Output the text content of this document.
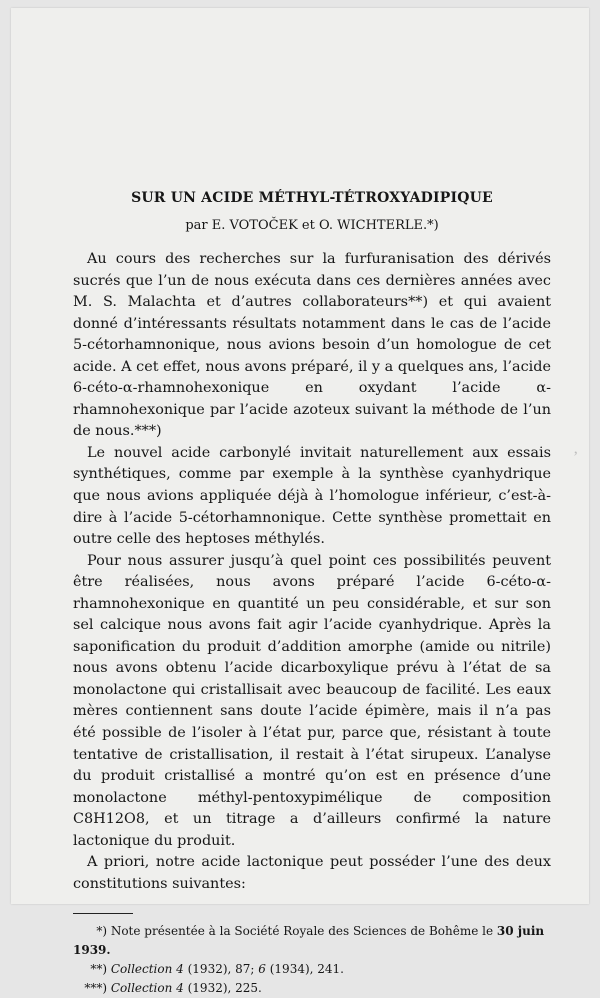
SUR UN ACIDE MÉTHYL-TÉTROXYADIPIQUE
par E. VOTOČEK et O. WICHTERLE.*)

Au cours des recherches sur la furfuranisation des dérivés sucrés que l’un de nous exécuta dans ces dernières années avec M. S. Malachta et d’autres collaborateurs**) et qui avaient donné d’intéressants résultats notamment dans le cas de l’acide 5-cétorhamnonique, nous avions besoin d’un homologue de cet acide. A cet effet, nous avons préparé, il y a quelques ans, l’acide 6-céto-α-rhamnohexonique en oxydant l’acide α-rhamnohexonique par l’acide azoteux suivant la méthode de l’un de nous.***)

Le nouvel acide carbonylé invitait naturellement aux essais synthétiques, comme par exemple à la synthèse cyanhydrique que nous avions appliquée déjà à l’homologue inférieur, c’est-à-dire à l’acide 5-cétorhamnonique. Cette synthèse promettait en outre celle des heptoses méthylés.

Pour nous assurer jusqu’à quel point ces possibilités peuvent être réalisées, nous avons préparé l’acide 6-céto-α-rhamnohexonique en quantité un peu considérable, et sur son sel calcique nous avons fait agir l’acide cyanhydrique. Après la saponification du produit d’addition amorphe (amide ou nitrile) nous avons obtenu l’acide dicarboxylique prévu à l’état de sa monolactone qui cristallisait avec beaucoup de facilité. Les eaux mères contiennent sans doute l’acide épimère, mais il n’a pas été possible de l’isoler à l’état pur, parce que, résistant à toute tentative de cristallisation, il restait à l’état sirupeux. L’analyse du produit cristallisé a montré qu’on est en présence d’une monolactone méthyl-pentoxypimélique de composition C8H12O8, et un titrage a d’ailleurs confirmé la nature lactonique du produit.

A priori, notre acide lactonique peut posséder l’une des deux constitutions suivantes:

*) Note présentée à la Société Royale des Sciences de Bohême le 30 juin 1939.

**) Collection 4 (1932), 87; 6 (1934), 241.

***) Collection 4 (1932), 225.

‚
